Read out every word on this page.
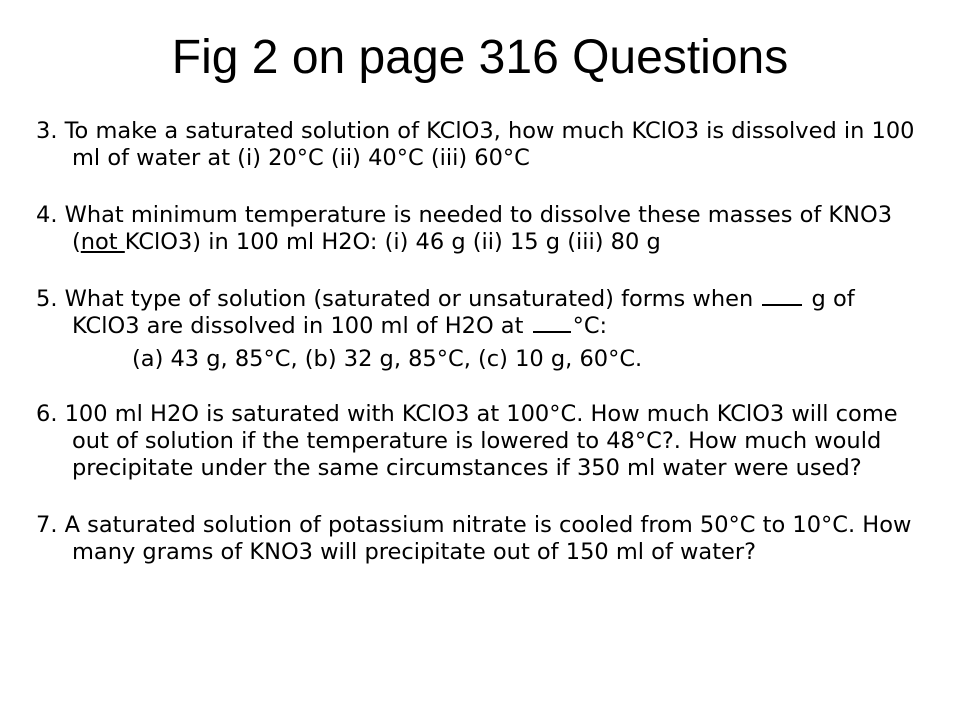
Fig 2 on page 316 Questions

3. To make a saturated solution of KClO3, how much KClO3 is dissolved in 100 ml of water at (i) 20°C (ii) 40°C (iii) 60°C

4. What minimum temperature is needed to dissolve these masses of KNO3 (not KClO3) in 100 ml H2O: (i) 46 g (ii) 15 g (iii) 80 g

5. What type of solution (saturated or unsaturated) forms when	g of KClO3 are dissolved in 100 ml of H2O at °C:
(a) 43 g, 85°C, (b) 32 g, 85°C, (c) 10 g, 60°C.

6. 100 ml H2O is saturated with KClO3 at 100°C. How much KClO3 will come out of solution if the temperature is lowered to 48°C?. How much would precipitate under the same circumstances if 350 ml water were used?

7. A saturated solution of potassium nitrate is cooled from 50°C to 10°C. How many grams of KNO3 will precipitate out of 150 ml of water?
